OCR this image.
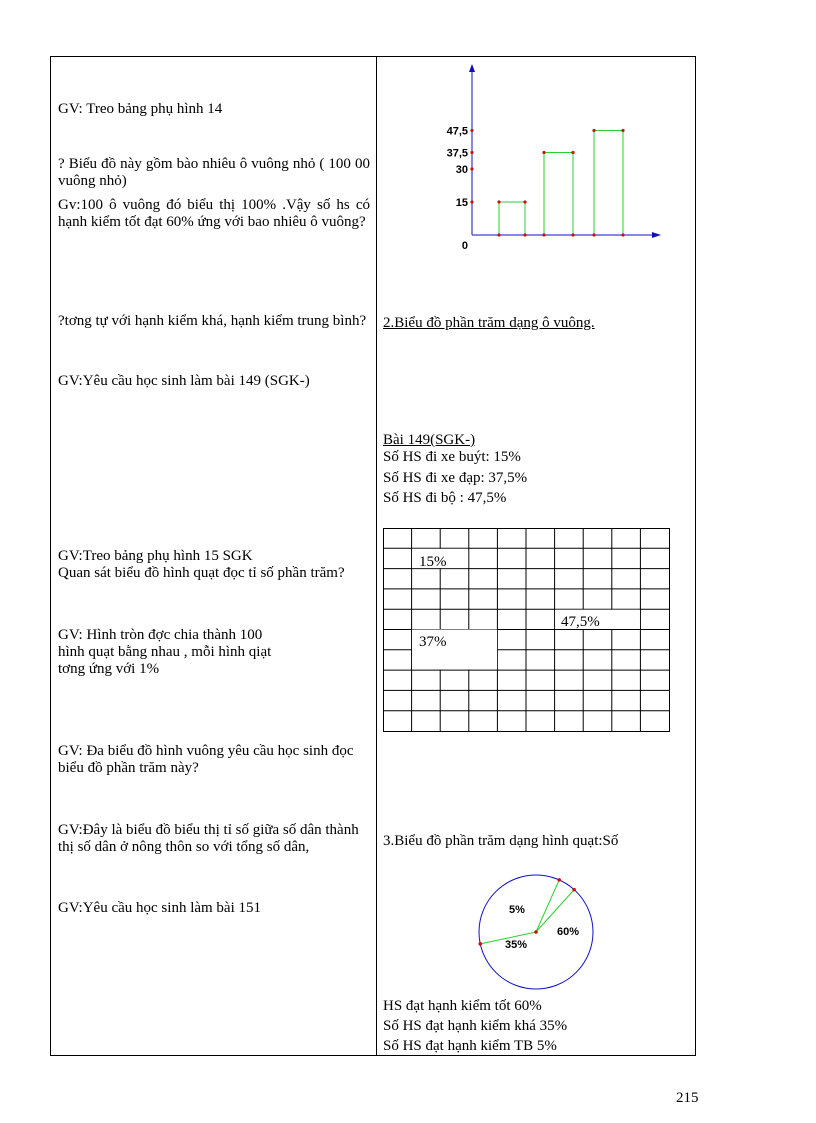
GV: Treo bảng phụ hình 14
? Biểu đồ này gồm bào nhiêu ô vuông nhỏ ( 100 00 vuông nhỏ)
Gv:100 ô vuông đó biểu thị 100% .Vậy số hs có hạnh kiểm tốt đạt 60% ứng với bao nhiêu ô vuông?
?tơng tự với hạnh kiểm khá, hạnh kiểm trung bình?
GV:Yêu cầu học sinh làm bài 149 (SGK-)
GV:Treo bảng phụ hình 15 SGK
Quan sát biểu đồ hình quạt đọc tỉ số phần trăm?
GV: Hình tròn đợc chia thành 100
hình quạt bằng nhau , mỗi hình qiạt
tơng ứng với 1%
GV: Đa biểu đồ hình vuông yêu cầu học sinh đọc biểu đồ phần trăm này?
GV:Đây là biểu đồ biểu thị tỉ số giữa số dân thành thị số dân ở nông thôn so với tổng số dân,
GV:Yêu cầu học sinh làm bài 151
0
15
30
37,5
47,5
2.Biểu đồ phần trăm dạng ô vuông.
Bài 149(SGK-)
Số HS đi xe buýt: 15%
Số HS đi xe đạp: 37,5%
Số HS đi bộ : 47,5%
15%
37%
47,5%
3.Biểu đồ phần trăm dạng hình quạt:Số
60%
35%
5%
HS đạt hạnh kiểm tốt 60%
Số HS đạt hạnh kiểm khá 35%
Số HS đạt hạnh kiểm TB 5%
215
